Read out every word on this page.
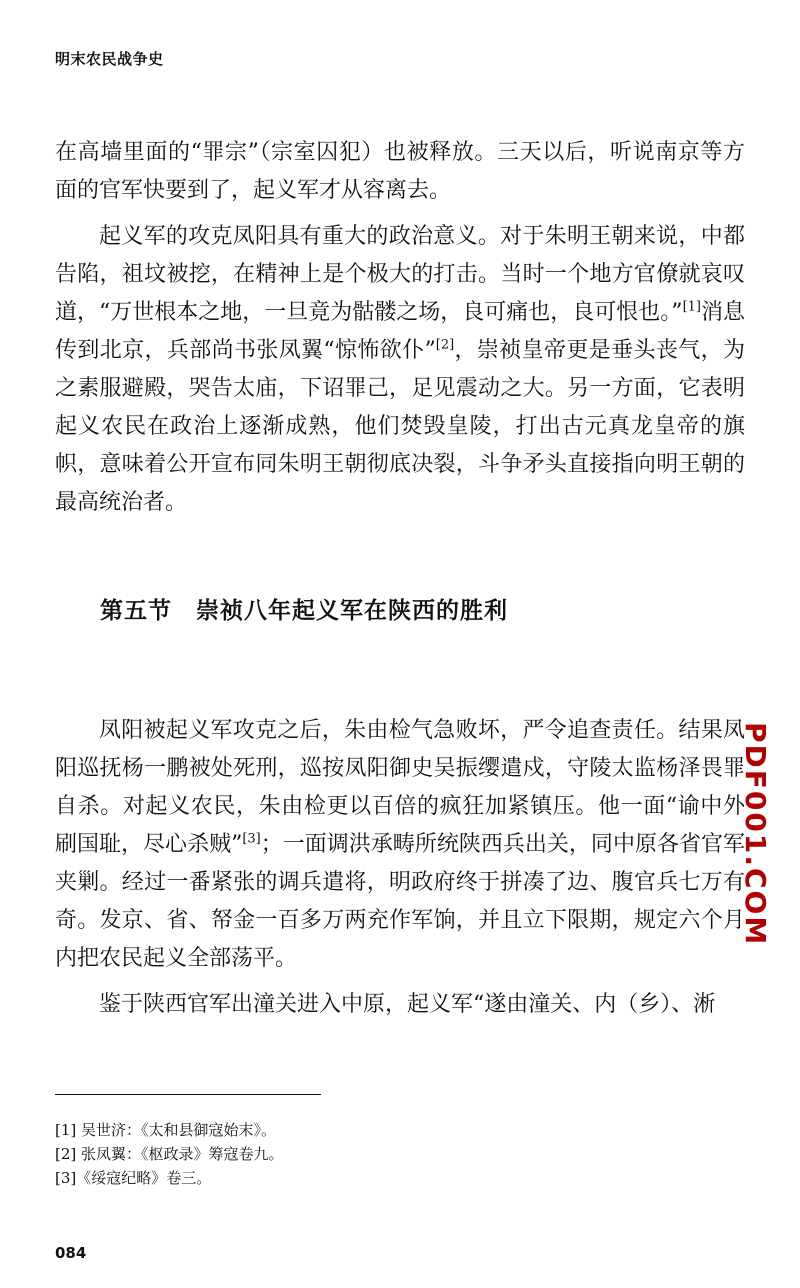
明末农民战争史

在高墙里面的“罪宗”（宗室囚犯）也被释放。三天以后，听说南京等方面的官军快要到了，起义军才从容离去。

起义军的攻克凤阳具有重大的政治意义。对于朱明王朝来说，中都告陷，祖坟被挖，在精神上是个极大的打击。当时一个地方官僚就哀叹道，“万世根本之地，一旦竟为骷髅之场，良可痛也，良可恨也。”[1]消息传到北京，兵部尚书张凤翼“惊怖欲仆”[2]，崇祯皇帝更是垂头丧气，为之素服避殿，哭告太庙，下诏罪己，足见震动之大。另一方面，它表明起义农民在政治上逐渐成熟，他们焚毁皇陵，打出古元真龙皇帝的旗帜，意味着公开宣布同朱明王朝彻底决裂，斗争矛头直接指向明王朝的最高统治者。

第五节　崇祯八年起义军在陕西的胜利

凤阳被起义军攻克之后，朱由检气急败坏，严令追查责任。结果凤阳巡抚杨一鹏被处死刑，巡按凤阳御史吴振缨遣戍，守陵太监杨泽畏罪自杀。对起义农民，朱由检更以百倍的疯狂加紧镇压。他一面“谕中外刷国耻，尽心杀贼”[3]；一面调洪承畴所统陕西兵出关，同中原各省官军夹剿。经过一番紧张的调兵遣将，明政府终于拼凑了边、腹官兵七万有奇。发京、省、帑金一百多万两充作军饷，并且立下限期，规定六个月内把农民起义全部荡平。

鉴于陕西官军出潼关进入中原，起义军“遂由潼关、内（乡）、淅

[1] 吴世济：《太和县御寇始末》。
[2] 张凤翼：《枢政录》筹寇卷九。
[3]《绥寇纪略》卷三。
PDF001.COM
084
